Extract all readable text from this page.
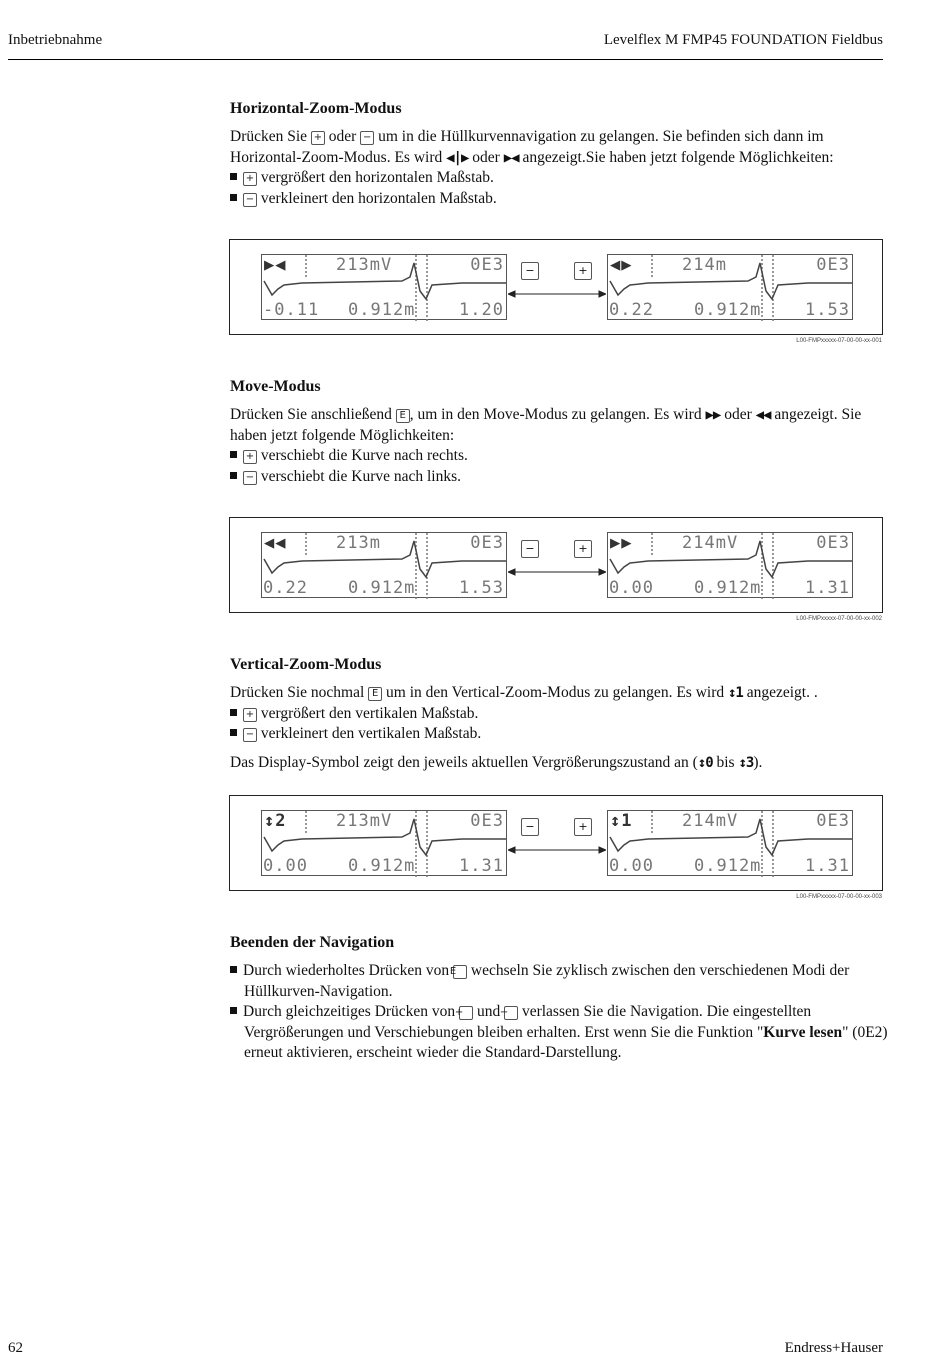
Inbetriebnahme	Levelflex M FMP45 FOUNDATION Fieldbus
Horizontal-Zoom-Modus

Drücken Sie + oder − um in die Hüllkurvennavigation zu gelangen. Sie befinden sich dann im Horizontal-Zoom-Modus. Es wird ◀|▶ oder ▶◀ angezeigt.Sie haben jetzt folgende Möglichkeiten:

+ vergrößert den horizontalen Maßstab.
− verkleinert den horizontalen Maßstab.
▶◀	213mV	0E3
-0.11 0.912m	1.20
−	+ ◀▶	214m	0E3
0.22 0.912m	1.53
L00-FMPxxxxx-07-00-00-xx-001
Move-Modus

Drücken Sie anschließend E , um in den Move-Modus zu gelangen. Es wird ▶▶ oder ◀◀ angezeigt. Sie haben jetzt folgende Möglichkeiten:

+ verschiebt die Kurve nach rechts.
− verschiebt die Kurve nach links.
◀◀	213m	0E3
0.22 0.912m	1.53
−	+ ▶▶	214mV	0E3
0.00 0.912m	1.31
L00-FMPxxxxx-07-00-00-xx-002
Vertical-Zoom-Modus

Drücken Sie nochmal E um in den Vertical-Zoom-Modus zu gelangen. Es wird ↕1 angezeigt. .

+ vergrößert den vertikalen Maßstab.
− verkleinert den vertikalen Maßstab.

Das Display-Symbol zeigt den jeweils aktuellen Vergrößerungszustand an (↕0 bis ↕3).

↕2	213mV	0E3
0.00 0.912m	1.31
−	+ ↕1	214mV	0E3
0.00 0.912m	1.31
L00-FMPxxxxx-07-00-00-xx-003
Beenden der Navigation
Durch wiederholtes Drücken von E wechseln Sie zyklisch zwischen den verschiedenen Modi der Hüllkurven-Navigation.
Durch gleichzeitiges Drücken von + und − verlassen Sie die Navigation. Die eingestellten Vergrößerungen und Verschiebungen bleiben erhalten. Erst wenn Sie die Funktion "Kurve lesen" (0E2) erneut aktivieren, erscheint wieder die Standard-Darstellung.
62	Endress+Hauser
